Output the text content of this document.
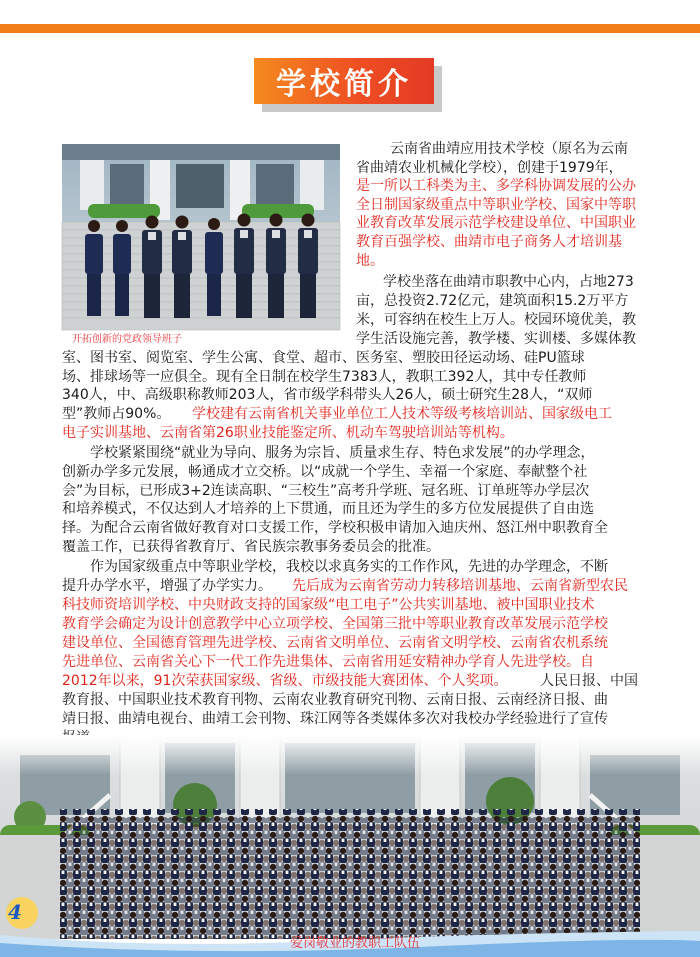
学校简介
开拓创新的党政领导班子
云南省曲靖应用技术学校（原名为云南
省曲靖农业机械化学校），创建于1979年，
是一所以工科类为主、多学科协调发展的公办
全日制国家级重点中等职业学校、国家中等职
业教育改革发展示范学校建设单位、中国职业
教育百强学校、曲靖市电子商务人才培训基
地。
学校坐落在曲靖市职教中心内，占地273
亩，总投资2.72亿元，建筑面积15.2万平方
米，可容纳在校生上万人。校园环境优美，教
学生活设施完善，教学楼、实训楼、多媒体教
室、图书室、阅览室、学生公寓、食堂、超市、医务室、塑胶田径运动场、硅PU篮球
场、排球场等一应俱全。现有全日制在校学生7383人，教职工392人，其中专任教师
340人，中、高级职称教师203人，省市级学科带头人26人，硕士研究生28人，“双师
型”教师占90%。 学校建有云南省机关事业单位工人技术等级考核培训站、国家级电工
电子实训基地、云南省第26职业技能鉴定所、机动车驾驶培训站等机构。
学校紧紧围绕“就业为导向、服务为宗旨、质量求生存、特色求发展”的办学理念，
创新办学多元发展，畅通成才立交桥。以“成就一个学生、幸福一个家庭、奉献整个社
会”为目标，已形成3+2连读高职、“三校生”高考升学班、冠名班、订单班等办学层次
和培养模式，不仅达到人才培养的上下贯通，而且还为学生的多方位发展提供了自由选
择。为配合云南省做好教育对口支援工作，学校积极申请加入迪庆州、怒江州中职教育全
覆盖工作，已获得省教育厅、省民族宗教事务委员会的批准。
作为国家级重点中等职业学校，我校以求真务实的工作作风，先进的办学理念，不断
提升办学水平，增强了办学实力。 先后成为云南省劳动力转移培训基地、云南省新型农民
科技师资培训学校、中央财政支持的国家级“电工电子”公共实训基地、被中国职业技术
教育学会确定为设计创意教学中心立项学校、全国第三批中等职业教育改革发展示范学校
建设单位、全国德育管理先进学校、云南省文明单位、云南省文明学校、云南省农机系统
先进单位、云南省关心下一代工作先进集体、云南省用延安精神办学育人先进学校。自
2012年以来，91次荣获国家级、省级、市级技能大赛团体、个人奖项。 人民日报、中国
教育报、中国职业技术教育刊物、云南农业教育研究刊物、云南日报、云南经济日报、曲
靖日报、曲靖电视台、曲靖工会刊物、珠江网等各类媒体多次对我校办学经验进行了宣传
4
爱岗敬业的教职工队伍
